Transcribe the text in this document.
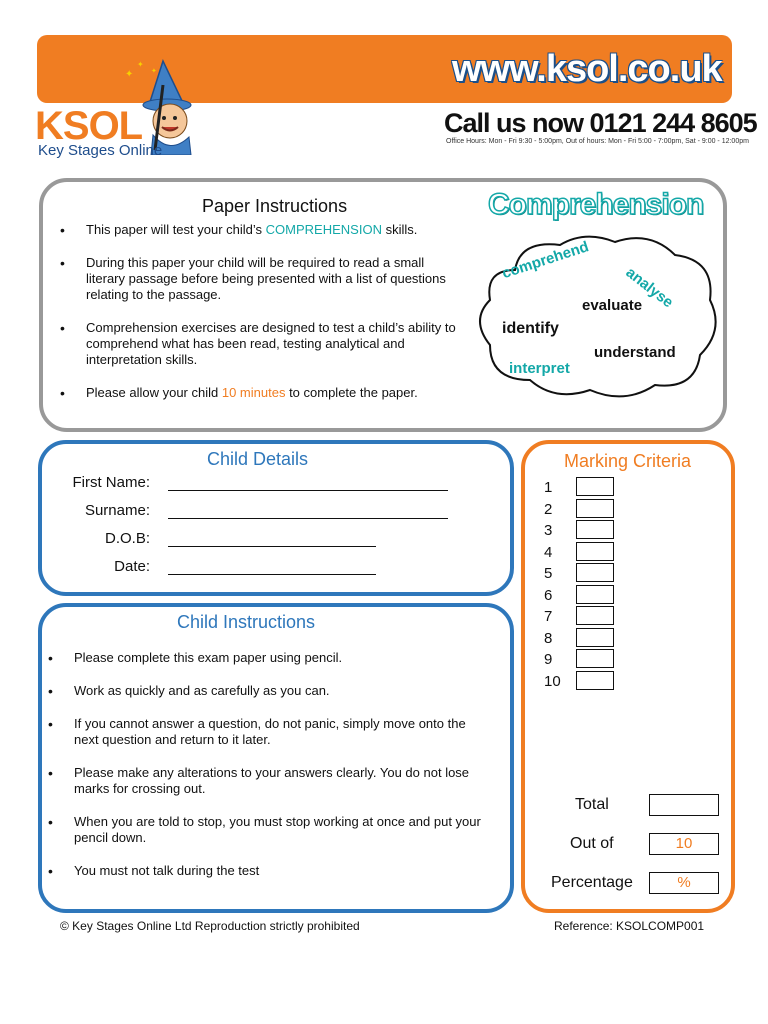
www.ksol.co.uk
Call us now 0121 244 8605
Office Hours: Mon - Fri 9:30 - 5:00pm, Out of hours: Mon - Fri 5:00 - 7:00pm, Sat - 9:00 - 12:00pm
✦
✦
✦
KSOL
Key Stages Online
Paper Instructions
• This paper will test your child’s COMPREHENSION skills.
• During this paper your child will be required to read a small literary passage before being presented with a list of questions relating to the passage.
• Comprehension exercises are designed to test a child’s ability to comprehend what has been read, testing analytical and interpretation skills.
• Please allow your child 10 minutes to complete the paper.
Comprehension
comprehend
analyse
evaluate
identify
understand
interpret
Child Details
First Name:
Surname:
D.O.B:
Date:
Child Instructions
• Please complete this exam paper using pencil.
• Work as quickly and as carefully as you can.
• If you cannot answer a question, do not panic, simply move onto the next question and return to it later.
• Please make any alterations to your answers clearly. You do not lose marks for crossing out.
• When you are told to stop, you must stop working at once and put your pencil down.
• You must not talk during the test
Marking Criteria
1
2
3
4
5
6
7
8
9
10
Total
Out of	10
Percentage	%
© Key Stages Online Ltd Reproduction strictly prohibited	Reference: KSOLCOMP001
